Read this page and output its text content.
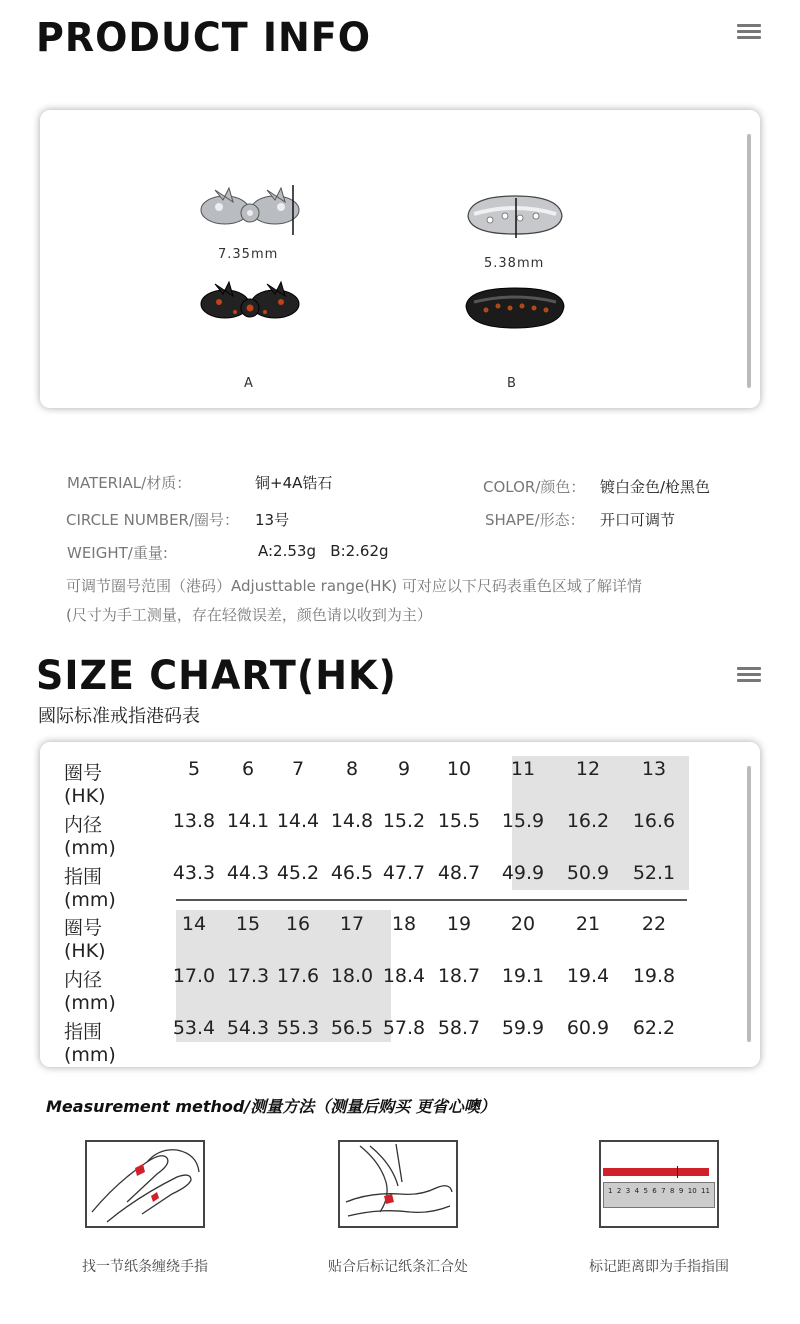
PRODUCT INFO
7.35mm
A
5.38mm
B
MATERIAL/材质：	铜+4A锆石	COLOR/颜色： 镀白金色/枪黑色
CIRCLE NUMBER/圈号： 13号	SHAPE/形态： 开口可调节
WEIGHT/重量:	A:2.53g   B:2.62g
可调节圈号范围（港码）Adjusttable range(HK) 可对应以下尺码表重色区域了解详情
(尺寸为手工测量，存在轻微误差，颜色请以收到为主）
SIZE CHART(HK)
國际标准戒指港码表
圈号(HK)
5	6	7	8	9	10	11	12	13
内径(mm)
13.8 14.1 14.4 14.8 15.2 15.5	15.9	16.2	16.6
指围(mm)
43.3 44.3 45.2 46.5 47.7 48.7	49.9	50.9	52.1
圈号(HK)
14	15	16	17	18	19	20	21	22
内径(mm)
17.0 17.3 17.6 18.0 18.4 18.7	19.1	19.4	19.8
指围(mm)
53.4 54.3 55.3 56.5 57.8 58.7	59.9	60.9	62.2
Measurement method/测量方法（测量后购买 更省心噢）
找一节纸条缠绕手指	贴合后标记纸条汇合处
1 2 3 4 5 6 7 8 9 10 11
标记距离即为手指指围
